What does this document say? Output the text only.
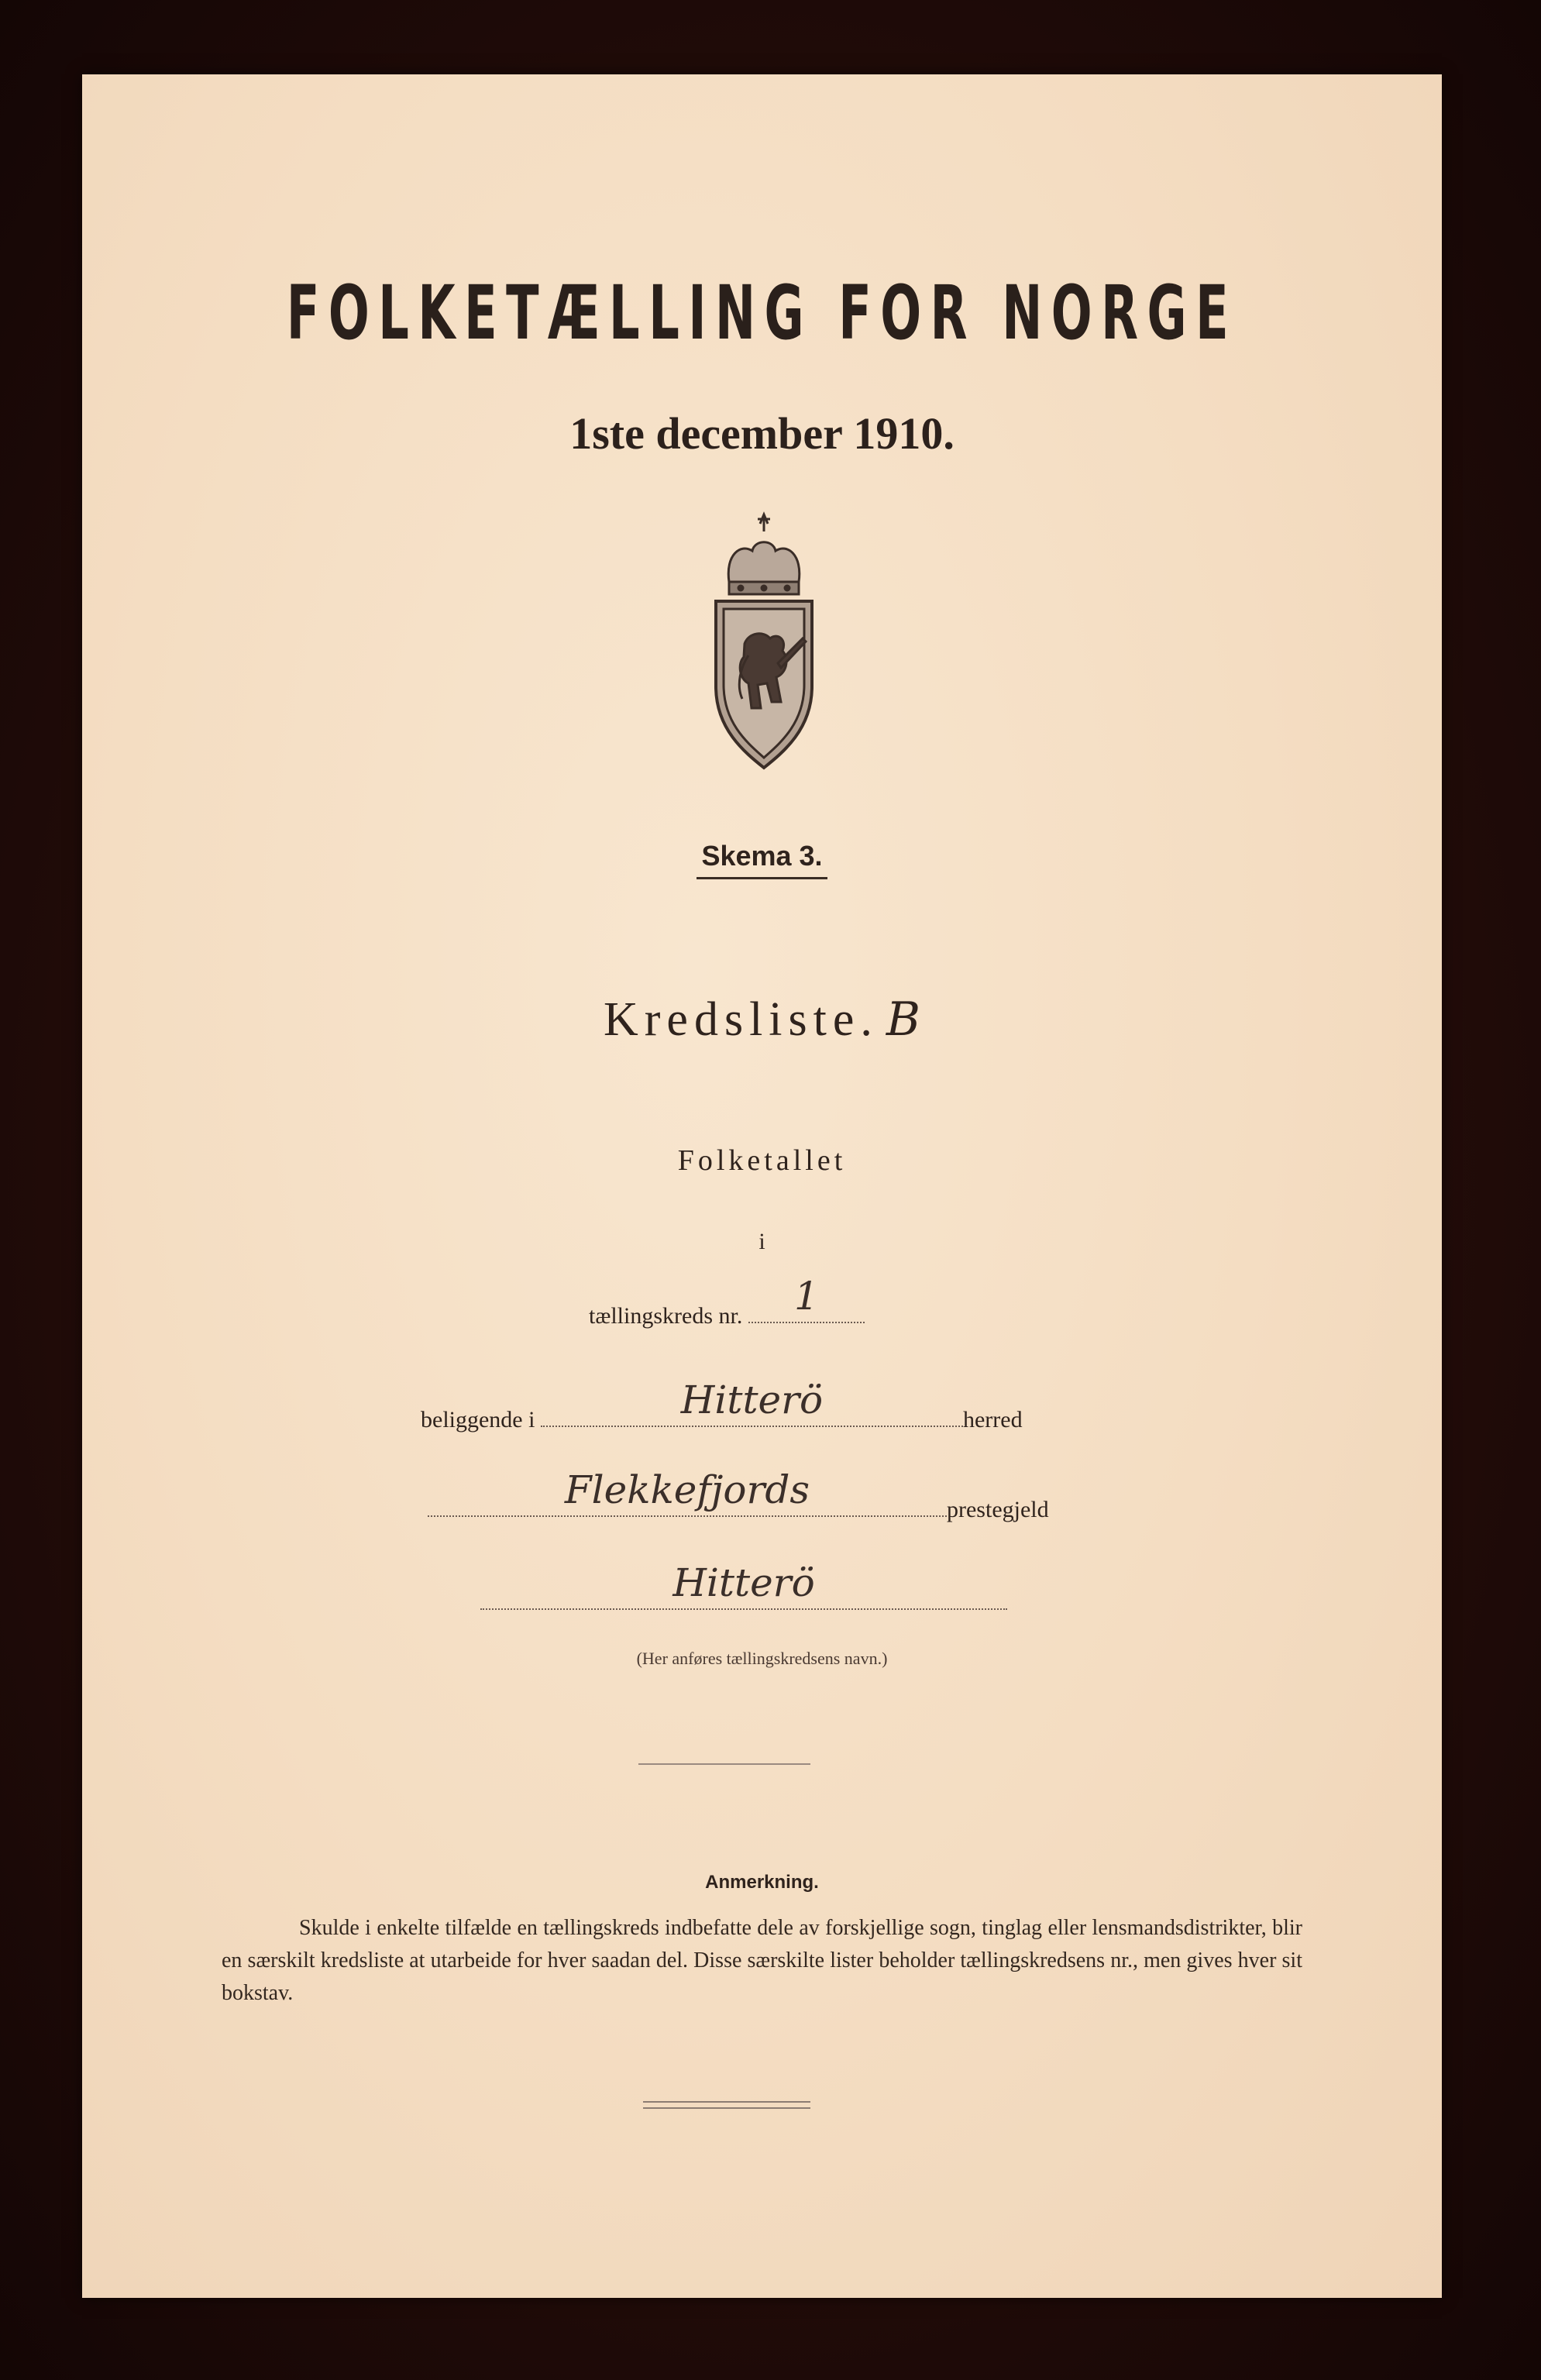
FOLKETÆLLING FOR NORGE
1ste december 1910.
Skema 3.
Kredsliste. B
Folketallet
i
tællingskreds nr.	1
beliggende i	Hitterö	herred
Flekkefjords	prestegjeld
Hitterö
(Her anføres tællingskredsens navn.)
Anmerkning.

Skulde i enkelte tilfælde en tællingskreds indbefatte dele av forskjellige sogn, tinglag eller lensmandsdistrikter, blir en særskilt kredsliste at utarbeide for hver saadan del. Disse særskilte lister beholder tællingskredsens nr., men gives hver sit bokstav.
